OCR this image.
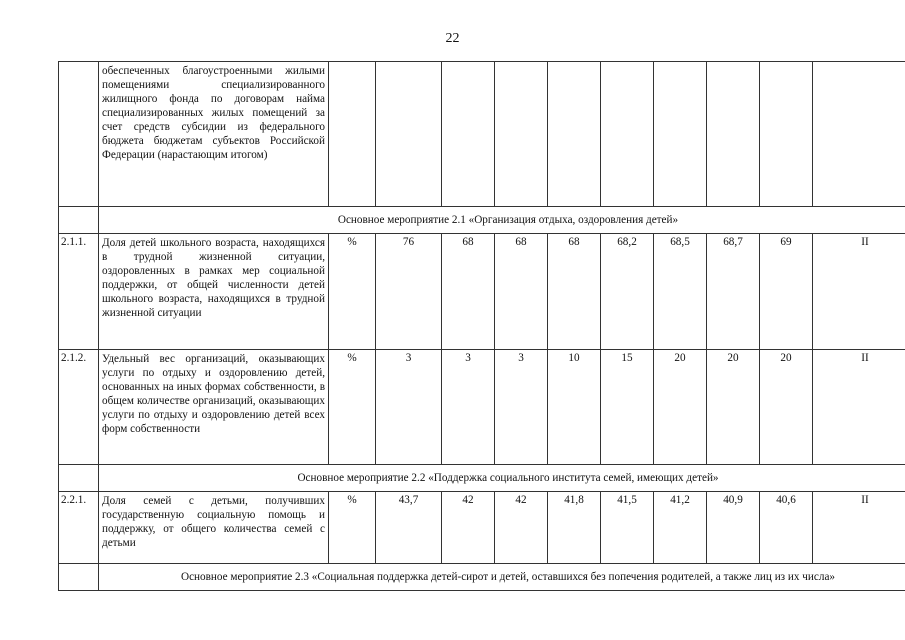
22
	обеспеченных благоустроенными жилыми помещениями специализированного жилищного фонда по договорам найма специализированных жилых помещений за счет средств субсидии из федерального бюджета бюджетам субъектов Российской Федерации (нарастающим итогом)										
	Основное мероприятие 2.1 «Организация отдыха, оздоровления детей»										
2.1.1.	Доля детей школьного возраста, находящихся в трудной жизненной ситуации, оздоровленных в рамках мер социальной поддержки, от общей численности детей школьного возраста, находящихся в трудной жизненной ситуации	%	76	68	68	68	68,2	68,5	68,7	69	II
2.1.2.	Удельный вес организаций, оказывающих услуги по отдыху и оздоровлению детей, основанных на иных формах собственности, в общем количестве организаций, оказывающих услуги по отдыху и оздоровлению детей всех форм собственности	%	3	3	3	10	15	20	20	20	II
	Основное мероприятие 2.2 «Поддержка социального института семей, имеющих детей»										
2.2.1.	Доля семей с детьми, получивших государственную социальную помощь и поддержку, от общего количества семей с детьми	%	43,7	42	42	41,8	41,5	41,2	40,9	40,6	II
	Основное мероприятие 2.3 «Социальная поддержка детей-сирот и детей, оставшихся без попечения родителей, а также лиц из их числа»										
